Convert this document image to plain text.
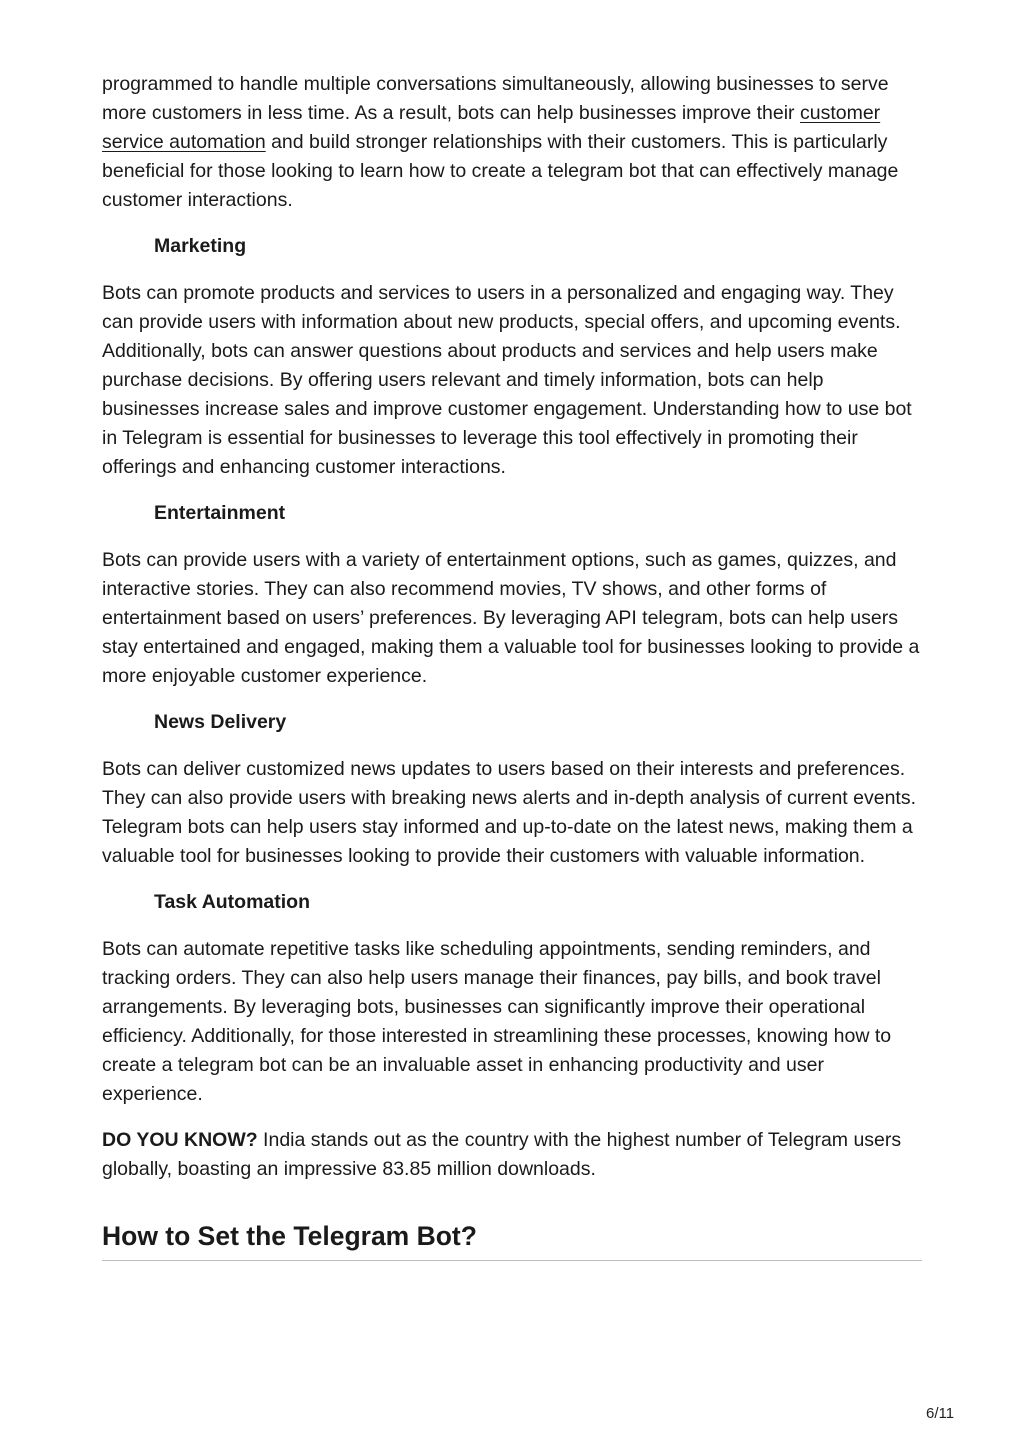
programmed to handle multiple conversations simultaneously, allowing businesses to serve more customers in less time. As a result, bots can help businesses improve their customer service automation and build stronger relationships with their customers. This is particularly beneficial for those looking to learn how to create a telegram bot that can effectively manage customer interactions.

Marketing

Bots can promote products and services to users in a personalized and engaging way. They can provide users with information about new products, special offers, and upcoming events. Additionally, bots can answer questions about products and services and help users make purchase decisions. By offering users relevant and timely information, bots can help businesses increase sales and improve customer engagement. Understanding how to use bot in Telegram is essential for businesses to leverage this tool effectively in promoting their offerings and enhancing customer interactions.

Entertainment

Bots can provide users with a variety of entertainment options, such as games, quizzes, and interactive stories. They can also recommend movies, TV shows, and other forms of entertainment based on users’ preferences. By leveraging API telegram, bots can help users stay entertained and engaged, making them a valuable tool for businesses looking to provide a more enjoyable customer experience.

News Delivery

Bots can deliver customized news updates to users based on their interests and preferences. They can also provide users with breaking news alerts and in-depth analysis of current events. Telegram bots can help users stay informed and up-to-date on the latest news, making them a valuable tool for businesses looking to provide their customers with valuable information.

Task Automation

Bots can automate repetitive tasks like scheduling appointments, sending reminders, and tracking orders. They can also help users manage their finances, pay bills, and book travel arrangements. By leveraging bots, businesses can significantly improve their operational efficiency. Additionally, for those interested in streamlining these processes, knowing how to create a telegram bot can be an invaluable asset in enhancing productivity and user experience.

DO YOU KNOW? India stands out as the country with the highest number of Telegram users globally, boasting an impressive 83.85 million downloads.

How to Set the Telegram Bot?
6/11
